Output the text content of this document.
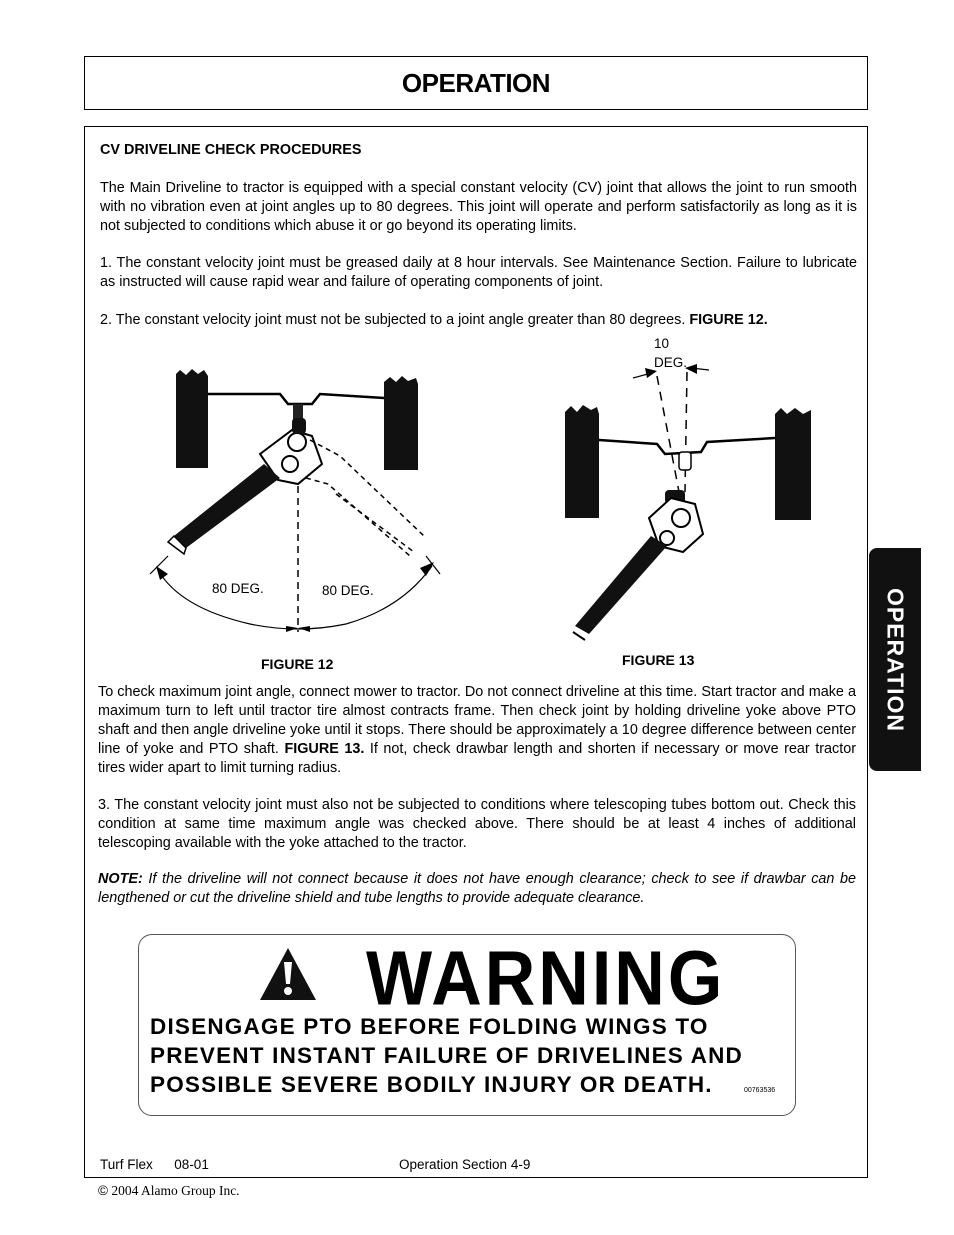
OPERATION
CV DRIVELINE CHECK PROCEDURES
The Main Driveline to tractor is equipped with a special constant velocity (CV) joint that allows the joint to run smooth with no vibration even at joint angles up to 80 degrees. This joint will operate and perform satisfactorily as long as it is not subjected to conditions which abuse it or go beyond its operating limits.
1. The constant velocity joint must be greased daily at 8 hour intervals. See Maintenance Section. Failure to lubricate as instructed will cause rapid wear and failure of operating components of joint.
2. The constant velocity joint must not be subjected to a joint angle greater than 80 degrees. FIGURE 12.
80 DEG.	80 DEG.
FIGURE 12
10
DEG.
FIGURE 13
To check maximum joint angle, connect mower to tractor. Do not connect driveline at this time. Start tractor and make a maximum turn to left until tractor tire almost contracts frame. Then check joint by holding driveline yoke above PTO shaft and then angle driveline yoke until it stops. There should be approximately a 10 degree difference between center line of yoke and PTO shaft. FIGURE 13. If not, check drawbar length and shorten if necessary or move rear tractor tires wider apart to limit turning radius.
3. The constant velocity joint must also not be subjected to conditions where telescoping tubes bottom out. Check this condition at same time maximum angle was checked above. There should be at least 4 inches of additional telescoping available with the yoke attached to the tractor.
NOTE: If the driveline will not connect because it does not have enough clearance; check to see if drawbar can be lengthened or cut the driveline shield and tube lengths to provide adequate clearance.
WARNING
DISENGAGE PTO BEFORE FOLDING WINGS TO
PREVENT INSTANT FAILURE OF DRIVELINES AND
POSSIBLE SEVERE BODILY INJURY OR DEATH.	00763536
OPERATION
Turf Flex 08-01	Operation Section 4-9
© 2004 Alamo Group Inc.
